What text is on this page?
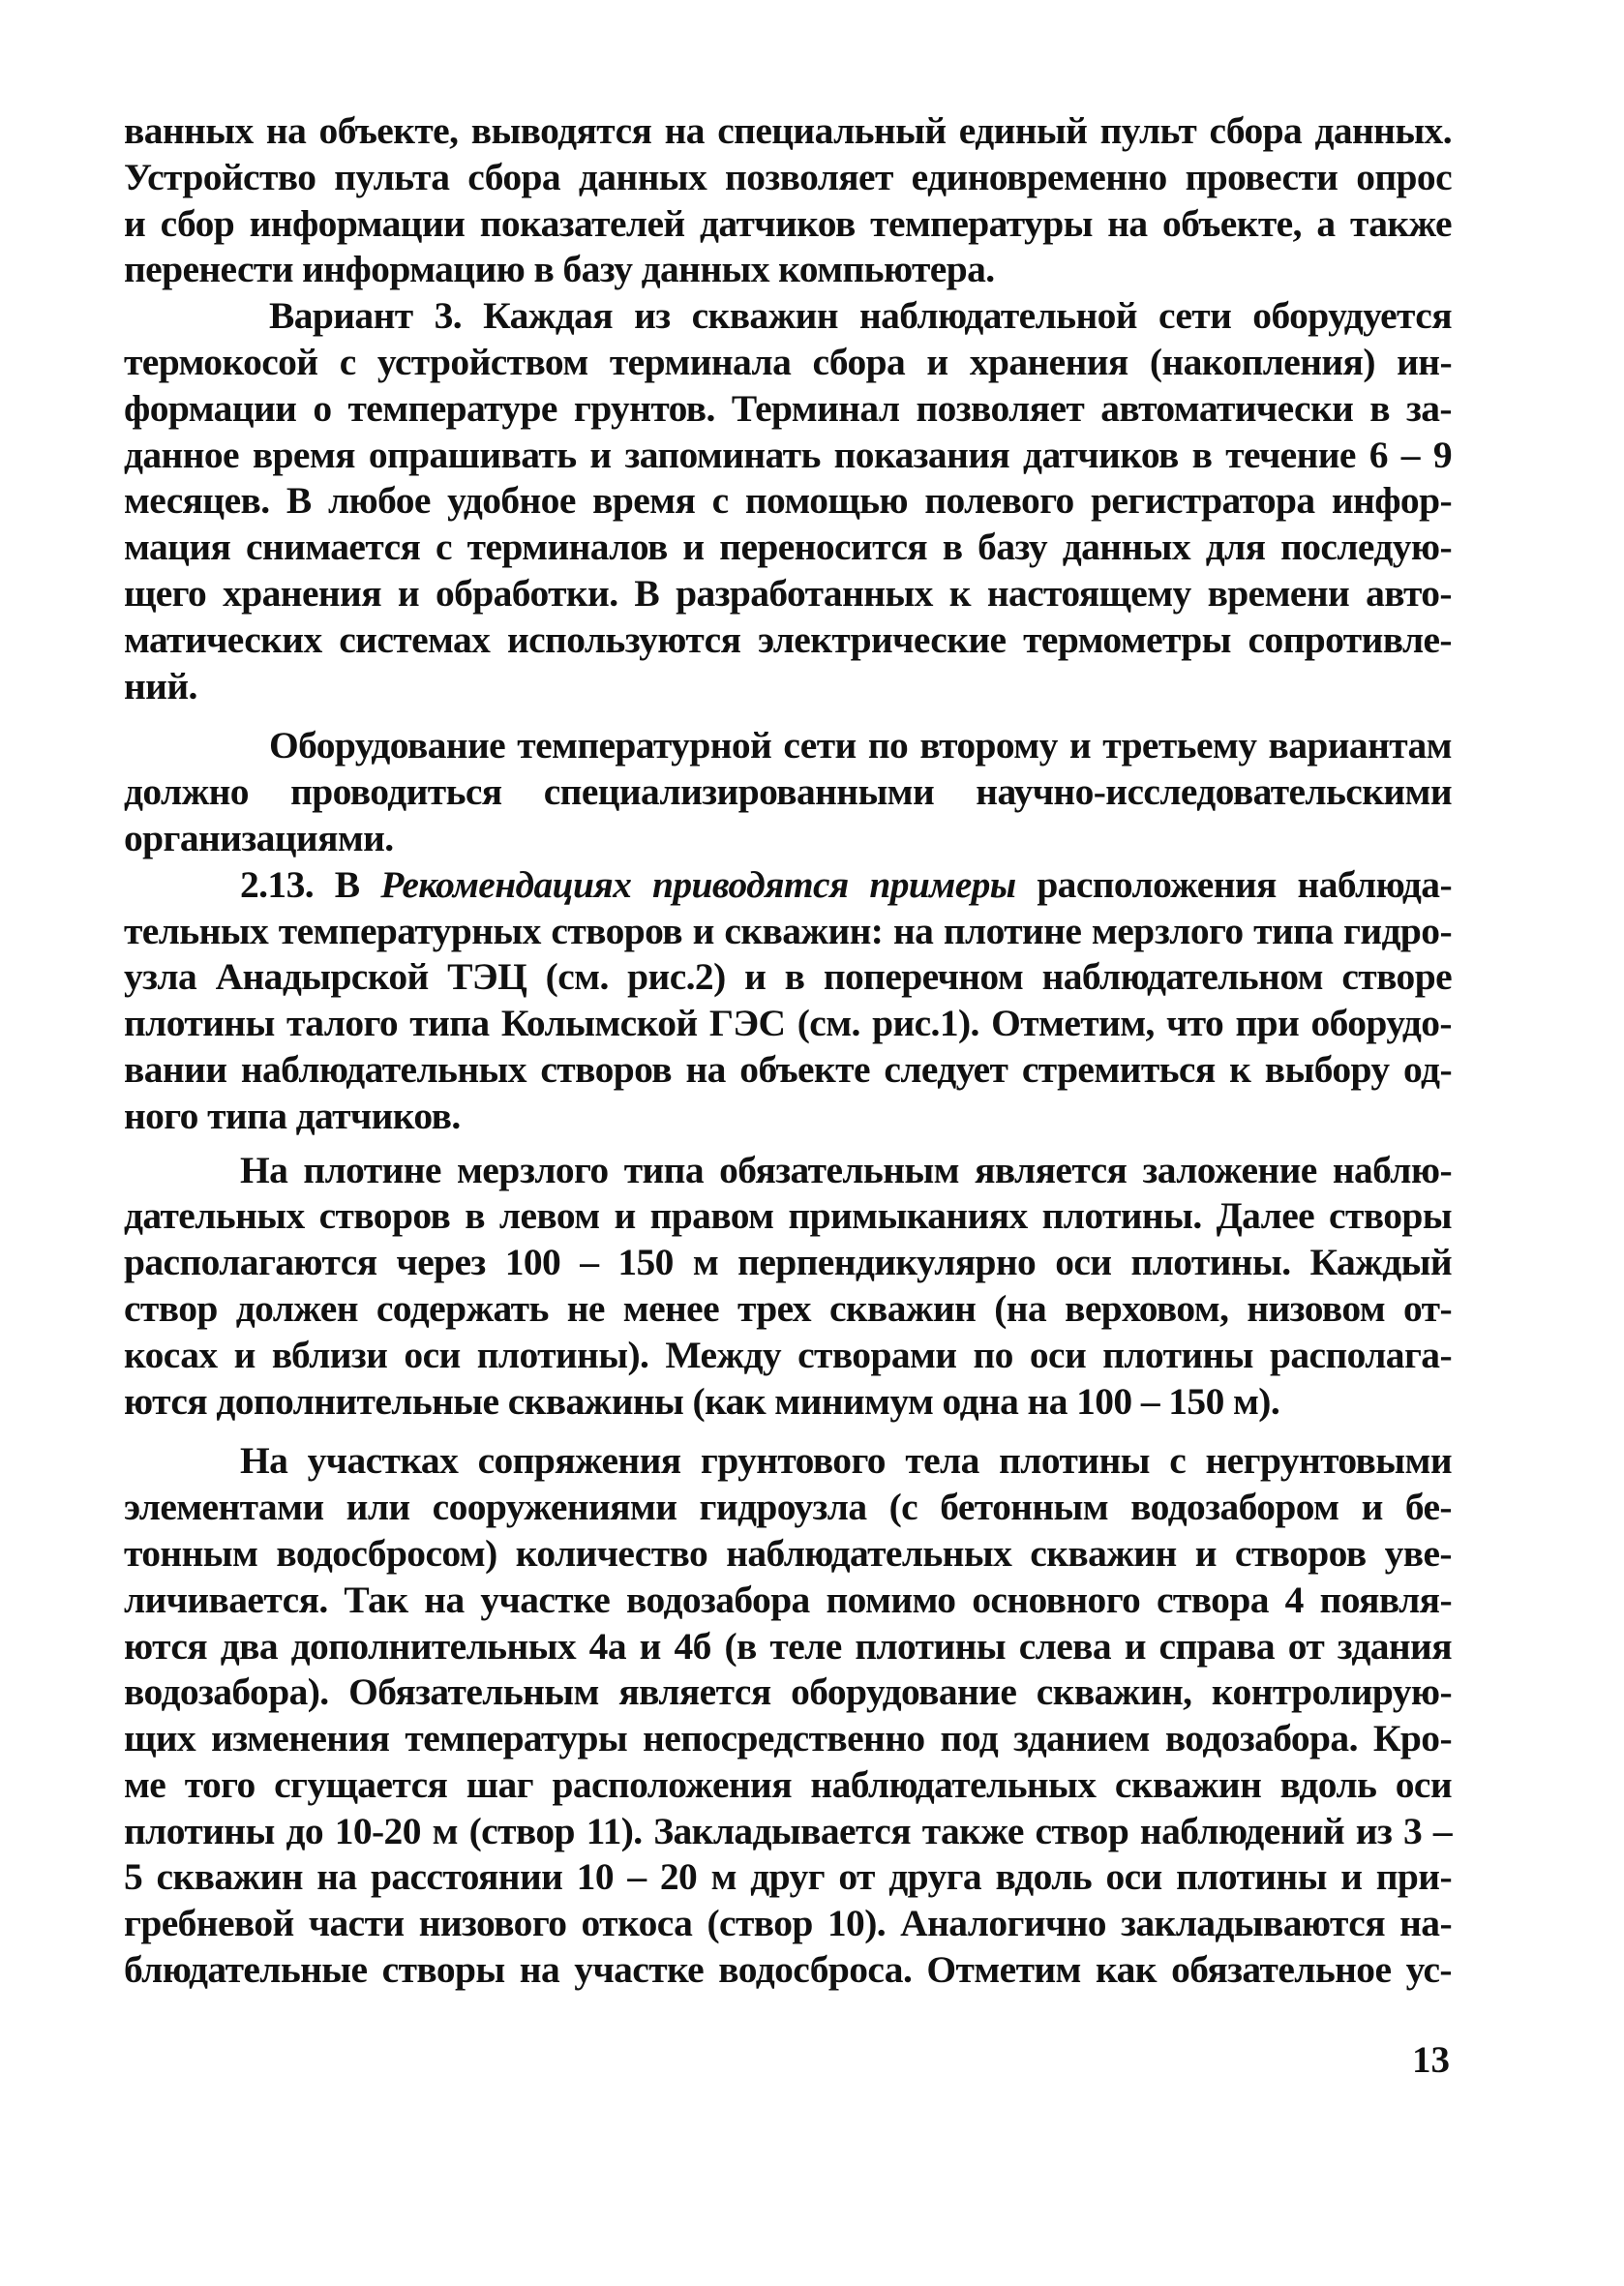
ванных на объекте, выводятся на специальный единый пульт сбора данных.
Устройство пульта сбора данных позволяет единовременно провести опрос
и сбор информации показателей датчиков температуры на объекте, а также
перенести информацию в базу данных компьютера.
Вариант 3. Каждая из скважин наблюдательной сети оборудуется
термокосой с устройством терминала сбора и хранения (накопления) ин-
формации о температуре грунтов. Терминал позволяет автоматически в за-
данное время опрашивать и запоминать показания датчиков в течение 6 – 9
месяцев. В любое удобное время с помощью полевого регистратора инфор-
мация снимается с терминалов и переносится в базу данных для последую-
щего хранения и обработки. В разработанных к настоящему времени авто-
матических системах используются электрические термометры сопротивле-
ний.
Оборудование температурной сети по второму и третьему вариантам
должно проводиться специализированными научно-исследовательскими
организациями.
2.13. В Рекомендациях приводятся примеры расположения наблюда-
тельных температурных створов и скважин: на плотине мерзлого типа гидро-
узла Анадырской ТЭЦ (см. рис.2) и в поперечном наблюдательном створе
плотины талого типа Колымской ГЭС (см. рис.1). Отметим, что при оборудо-
вании наблюдательных створов на объекте следует стремиться к выбору од-
ного типа датчиков.
На плотине мерзлого типа обязательным является заложение наблю-
дательных створов в левом и правом примыканиях плотины. Далее створы
располагаются через 100 – 150 м перпендикулярно оси плотины. Каждый
створ должен содержать не менее трех скважин (на верховом, низовом от-
косах и вблизи оси плотины). Между створами по оси плотины располага-
ются дополнительные скважины (как минимум одна на 100 – 150 м).
На участках сопряжения грунтового тела плотины с негрунтовыми
элементами или сооружениями гидроузла (с бетонным водозабором и бе-
тонным водосбросом) количество наблюдательных скважин и створов уве-
личивается. Так на участке водозабора помимо основного створа 4 появля-
ются два дополнительных 4а и 4б (в теле плотины слева и справа от здания
водозабора). Обязательным является оборудование скважин, контролирую-
щих изменения температуры непосредственно под зданием водозабора. Кро-
ме того сгущается шаг расположения наблюдательных скважин вдоль оси
плотины до 10-20 м (створ 11). Закладывается также створ наблюдений из 3 –
5 скважин на расстоянии 10 – 20 м друг от друга вдоль оси плотины и при-
гребневой части низового откоса (створ 10). Аналогично закладываются на-
блюдательные створы на участке водосброса. Отметим как обязательное ус-
13
